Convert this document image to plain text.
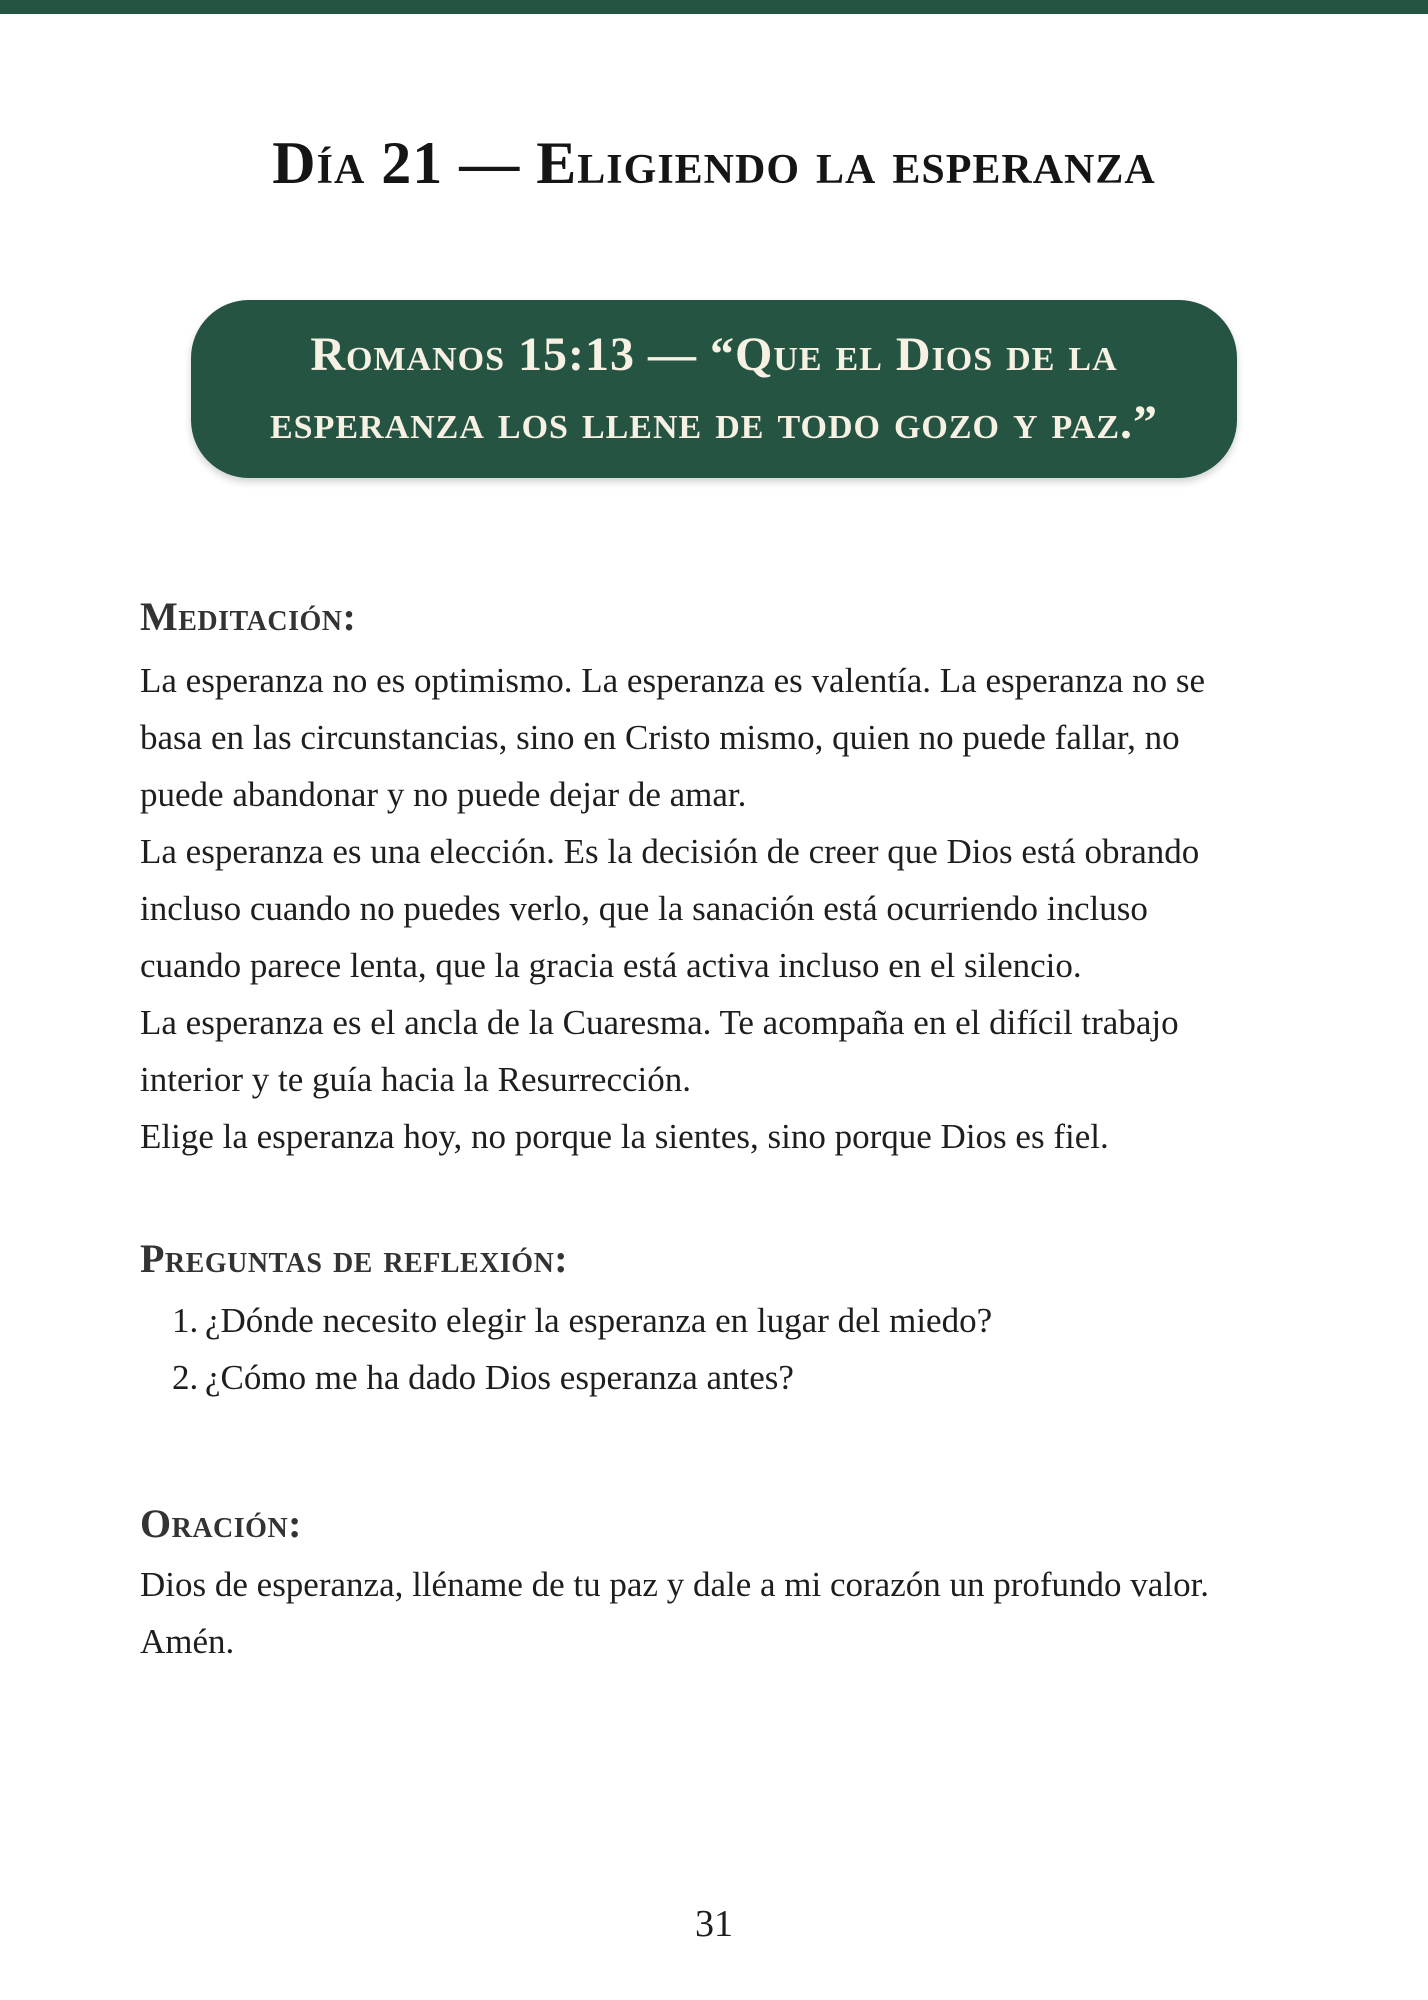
Día 21 — Eligiendo la esperanza
Romanos 15:13 — “Que el Dios de la
esperanza los llene de todo gozo y paz.”
Meditación:
La esperanza no es optimismo. La esperanza es valentía. La esperanza no se
basa en las circunstancias, sino en Cristo mismo, quien no puede fallar, no
puede abandonar y no puede dejar de amar.
La esperanza es una elección. Es la decisión de creer que Dios está obrando
incluso cuando no puedes verlo, que la sanación está ocurriendo incluso
cuando parece lenta, que la gracia está activa incluso en el silencio.
La esperanza es el ancla de la Cuaresma. Te acompaña en el difícil trabajo
interior y te guía hacia la Resurrección.
Elige la esperanza hoy, no porque la sientes, sino porque Dios es fiel.
Preguntas de reflexión:
1. ¿Dónde necesito elegir la esperanza en lugar del miedo?
2. ¿Cómo me ha dado Dios esperanza antes?
Oración:
Dios de esperanza, lléname de tu paz y dale a mi corazón un profundo valor.
Amén.
31
